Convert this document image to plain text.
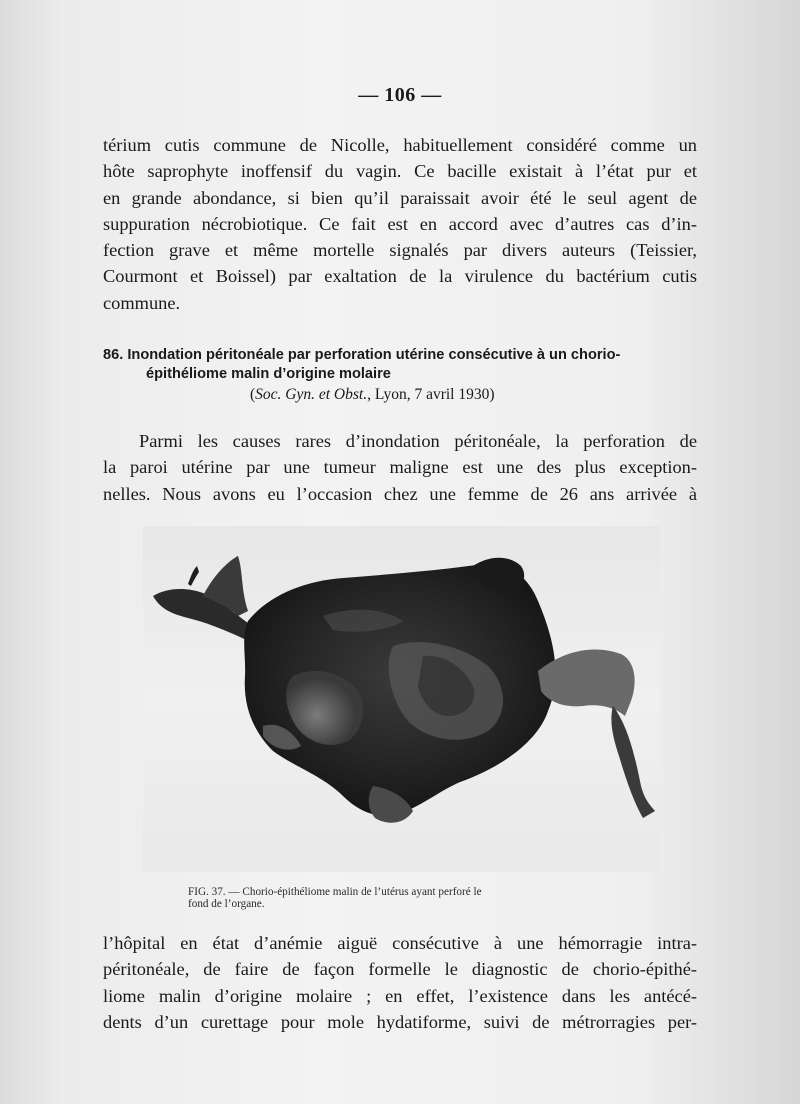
— 106 —

térium cutis commune de Nicolle, habituellement considéré comme un
hôte saprophyte inoffensif du vagin. Ce bacille existait à l’état pur et
en grande abondance, si bien qu’il paraissait avoir été le seul agent de
suppuration nécrobiotique. Ce fait est en accord avec d’autres cas d’in-
fection grave et même mortelle signalés par divers auteurs (Teissier,
Courmont et Boissel) par exaltation de la virulence du bactérium cutis
commune.

86. Inondation péritonéale par perforation utérine consécutive à un chorio-
épithéliome malin d’origine molaire
(Soc. Gyn. et Obst., Lyon, 7 avril 1930)

Parmi les causes rares d’inondation péritonéale, la perforation de
la paroi utérine par une tumeur maligne est une des plus exception-
nelles. Nous avons eu l’occasion chez une femme de 26 ans arrivée à

FIG. 37. — Chorio-épithéliome malin de l’utérus ayant perforé le
fond de l’organe.

l’hôpital en état d’anémie aiguë consécutive à une hémorragie intra-
péritonéale, de faire de façon formelle le diagnostic de chorio-épithé-
liome malin d’origine molaire ; en effet, l’existence dans les antécé-
dents d’un curettage pour mole hydatiforme, suivi de métrorragies per-
